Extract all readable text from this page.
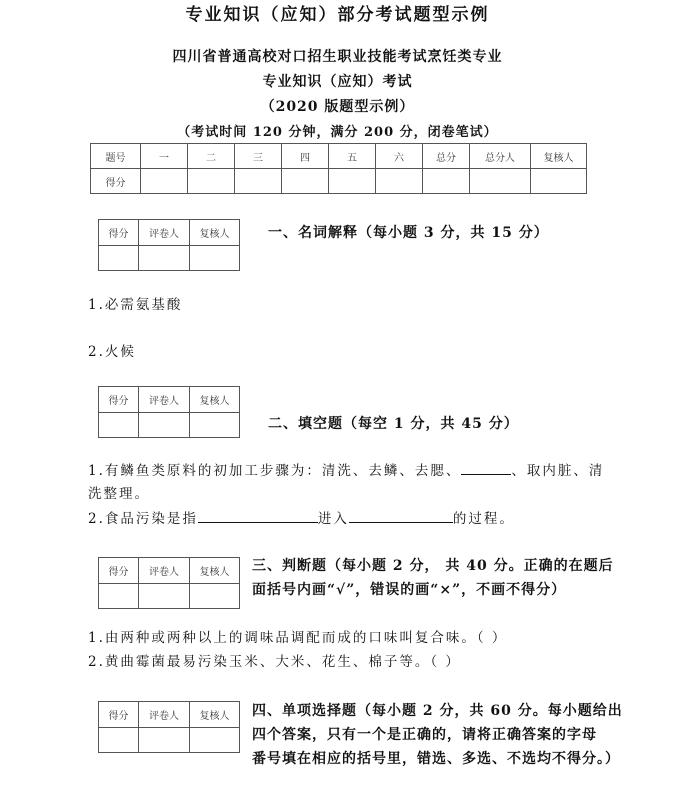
专业知识（应知）部分考试题型示例
四川省普通高校对口招生职业技能考试烹饪类专业
专业知识（应知）考试
（2020 版题型示例）
（考试时间 120 分钟，满分 200 分，闭卷笔试）
题号	一	二	三	四	五	六	总分	总分人	复核人
得分									
得分	评卷人	复核人
			一、名词解释（每小题 3 分，共 15 分）
1.必需氨基酸
2.火候
得分	评卷人	复核人

二、填空题（每空 1 分，共 45 分）
1.有鳞鱼类原料的初加工步骤为：清洗、去鳞、去腮、	、取内脏、清
洗整理。
2.食品污染是指	进入	的过程。
得分	评卷人	复核人
		三、判断题（每小题 2 分， 共 40 分。正确的在题后
面括号内画“√”，错误的画“×”，不画不得分）
1.由两种或两种以上的调味品调配而成的口味叫复合味。（ ）
2.黄曲霉菌最易污染玉米、大米、花生、棉子等。（ ）
得分	评卷人	复核人
		四、单项选择题（每小题 2 分，共 60 分。每小题给出
四个答案，只有一个是正确的，请将正确答案的字母
番号填在相应的括号里，错选、多选、不选均不得分。）
